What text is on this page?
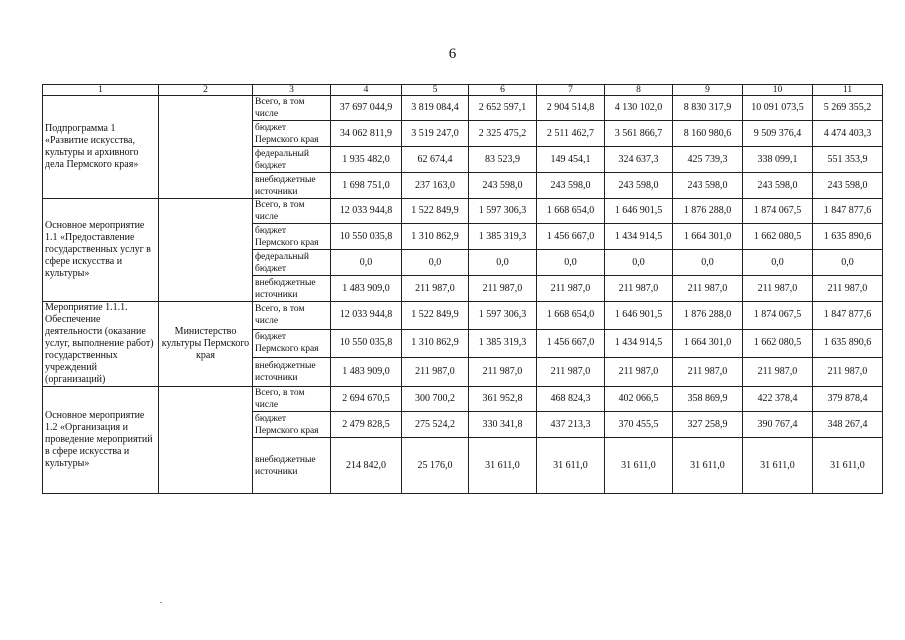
6
1	2	3	4	5	6	7	8	9	10	11
Подпрограмма 1 «Развитие искусства, культуры и архивного дела Пермского края»		Всего, в том числе	37 697 044,9	3 819 084,4	2 652 597,1	2 904 514,8	4 130 102,0	8 830 317,9	10 091 073,5	5 269 355,2
		бюджет Пермского края	34 062 811,9	3 519 247,0	2 325 475,2	2 511 462,7	3 561 866,7	8 160 980,6	9 509 376,4	4 474 403,3
		федеральный бюджет	1 935 482,0	62 674,4	83 523,9	149 454,1	324 637,3	425 739,3	338 099,1	551 353,9
		внебюджетные источники	1 698 751,0	237 163,0	243 598,0	243 598,0	243 598,0	243 598,0	243 598,0	243 598,0
Основное мероприятие 1.1 «Предоставление государственных услуг в сфере искусства и культуры»		Всего, в том числе	12 033 944,8	1 522 849,9	1 597 306,3	1 668 654,0	1 646 901,5	1 876 288,0	1 874 067,5	1 847 877,6
		бюджет Пермского края	10 550 035,8	1 310 862,9	1 385 319,3	1 456 667,0	1 434 914,5	1 664 301,0	1 662 080,5	1 635 890,6
		федеральный бюджет	0,0	0,0	0,0	0,0	0,0	0,0	0,0	0,0
		внебюджетные источники	1 483 909,0	211 987,0	211 987,0	211 987,0	211 987,0	211 987,0	211 987,0	211 987,0
Мероприятие 1.1.1. Обеспечение деятельности (оказание услуг, выполнение работ) государственных учреждений (организаций)	Министерство культуры Пермского края	Всего, в том числе	12 033 944,8	1 522 849,9	1 597 306,3	1 668 654,0	1 646 901,5	1 876 288,0	1 874 067,5	1 847 877,6
		бюджет Пермского края	10 550 035,8	1 310 862,9	1 385 319,3	1 456 667,0	1 434 914,5	1 664 301,0	1 662 080,5	1 635 890,6
		внебюджетные источники	1 483 909,0	211 987,0	211 987,0	211 987,0	211 987,0	211 987,0	211 987,0	211 987,0
Основное мероприятие 1.2 «Организация и проведение мероприятий в сфере искусства и культуры»		Всего, в том числе	2 694 670,5	300 700,2	361 952,8	468 824,3	402 066,5	358 869,9	422 378,4	379 878,4
		бюджет Пермского края	2 479 828,5	275 524,2	330 341,8	437 213,3	370 455,5	327 258,9	390 767,4	348 267,4
		внебюджетные источники	214 842,0	25 176,0	31 611,0	31 611,0	31 611,0	31 611,0	31 611,0	31 611,0
